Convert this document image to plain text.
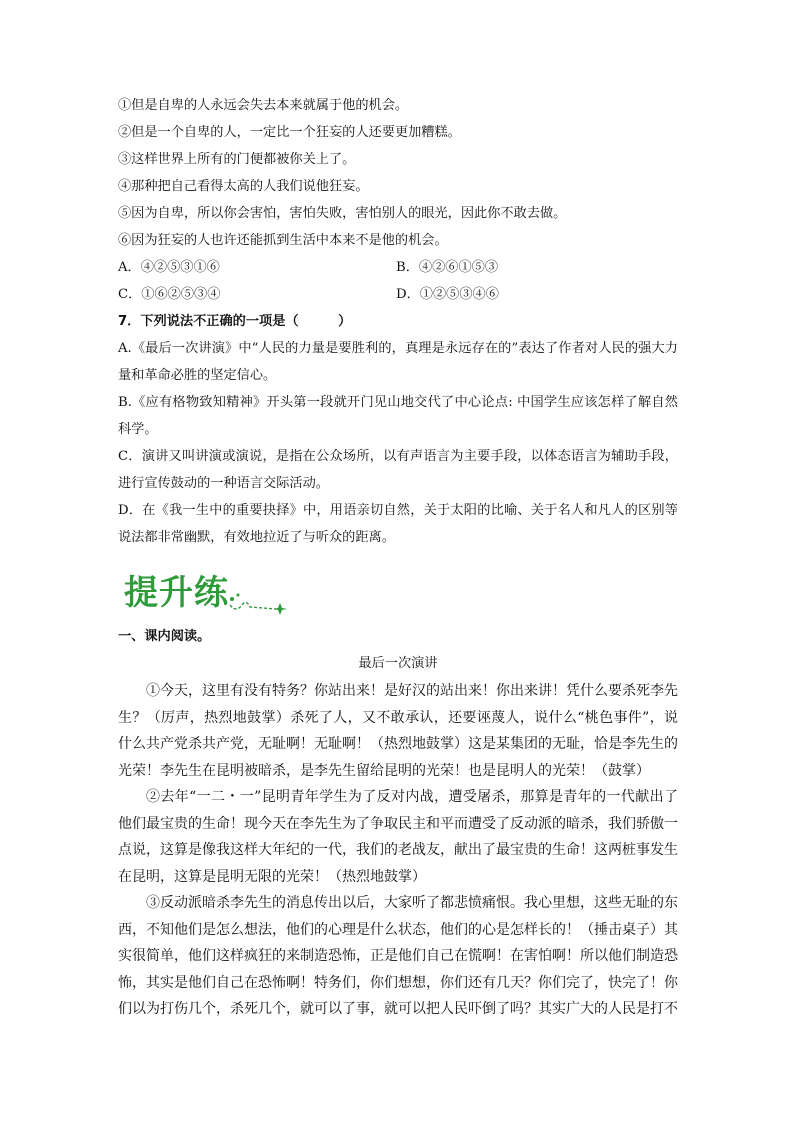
①但是自卑的人永远会失去本来就属于他的机会。
②但是一个自卑的人，一定比一个狂妄的人还要更加糟糕。
③这样世界上所有的门便都被你关上了。
④那种把自己看得太高的人我们说他狂妄。
⑤因为自卑，所以你会害怕，害怕失败，害怕别人的眼光，因此你不敢去做。
⑥因为狂妄的人也许还能抓到生活中本来不是他的机会。
A．④②⑤③①⑥	B．④②⑥①⑤③
C．①⑥②⑤③④	D．①②⑤③④⑥
7．下列说法不正确的一项是（　　　）
A.《最后一次讲演》中“人民的力量是要胜利的，真理是永远存在的”表达了作者对人民的强大力量和革命必胜的坚定信心。
B.《应有格物致知精神》开头第一段就开门见山地交代了中心论点: 中国学生应该怎样了解自然科学。
C．演讲又叫讲演或演说，是指在公众场所，以有声语言为主要手段，以体态语言为辅助手段，进行宣传鼓动的一种语言交际活动。
D．在《我一生中的重要抉择》中，用语亲切自然，关于太阳的比喻、关于名人和凡人的区别等说法都非常幽默，有效地拉近了与听众的距离。
提升练
一、课内阅读。
最后一次演讲
①今天，这里有没有特务？你站出来！是好汉的站出来！你出来讲！凭什么要杀死李先生？（厉声，热烈地鼓掌）杀死了人，又不敢承认，还要诬蔑人，说什么“桃色事件”，说什么共产党杀共产党，无耻啊！无耻啊！（热烈地鼓掌）这是某集团的无耻，恰是李先生的光荣！李先生在昆明被暗杀，是李先生留给昆明的光荣！也是昆明人的光荣！（鼓掌）
②去年“一二・一”昆明青年学生为了反对内战，遭受屠杀，那算是青年的一代献出了他们最宝贵的生命！现今天在李先生为了争取民主和平而遭受了反动派的暗杀，我们骄傲一点说，这算是像我这样大年纪的一代，我们的老战友，献出了最宝贵的生命！这两桩事发生在昆明，这算是昆明无限的光荣！（热烈地鼓掌）
③反动派暗杀李先生的消息传出以后，大家听了都悲愤痛恨。我心里想，这些无耻的东西，不知他们是怎么想法，他们的心理是什么状态，他们的心是怎样长的！（捶击桌子）其实很简单，他们这样疯狂的来制造恐怖，正是他们自己在慌啊！在害怕啊！所以他们制造恐怖，其实是他们自己在恐怖啊！特务们，你们想想，你们还有几天？你们完了，快完了！你们以为打伤几个，杀死几个，就可以了事，就可以把人民吓倒了吗？其实广大的人民是打不
